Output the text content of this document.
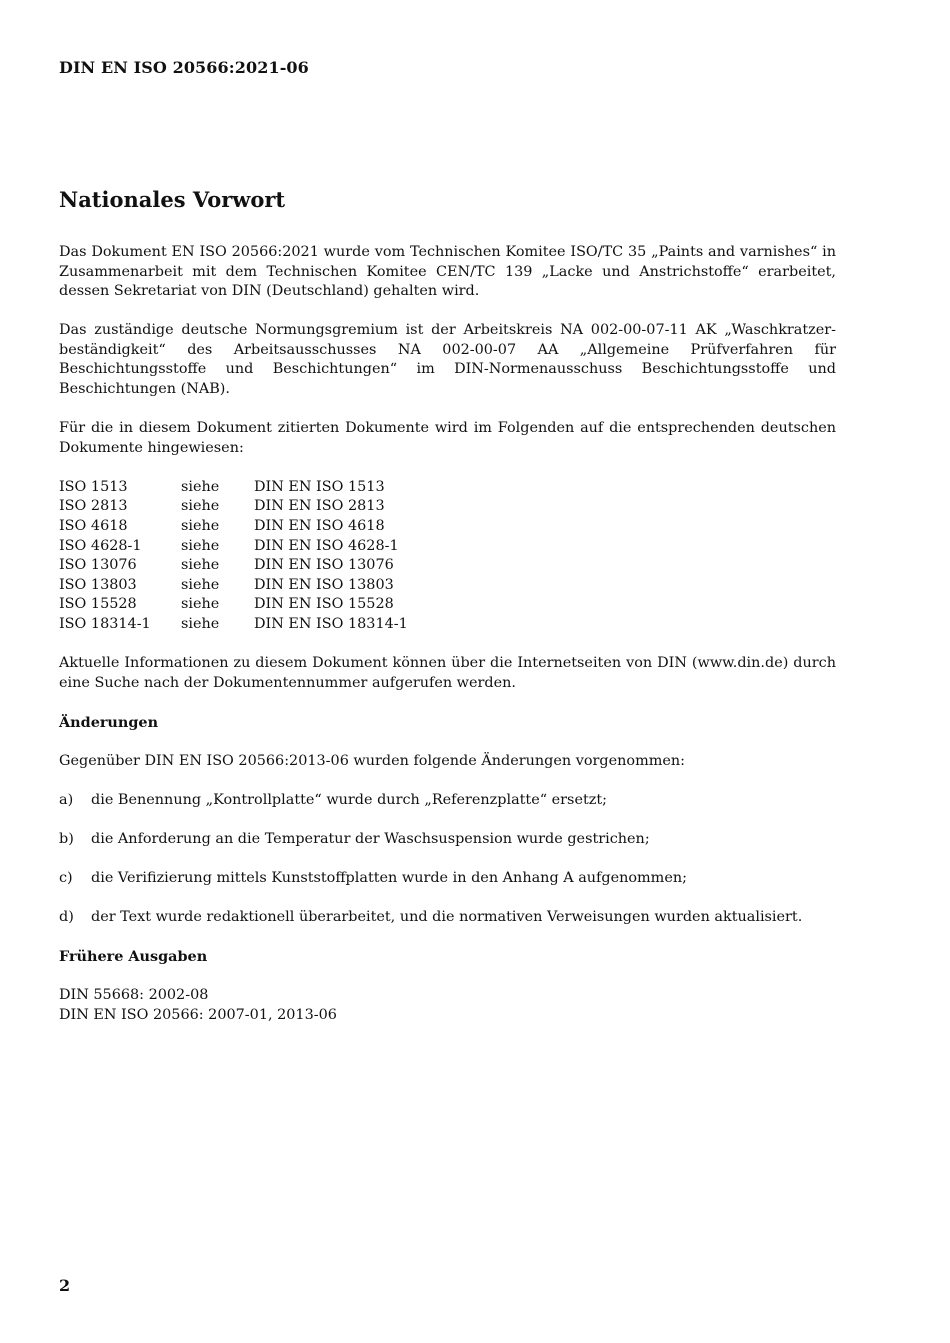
DIN EN ISO 20566:2021-06
Nationales Vorwort

Das Dokument EN ISO 20566:2021 wurde vom Technischen Komitee ISO/TC 35 „Paints and varnishes“ in Zusammenarbeit mit dem Technischen Komitee CEN/TC 139 „Lacke und Anstrichstoffe“ erarbeitet, dessen Sekretariat von DIN (Deutschland) gehalten wird.

Das zuständige deutsche Normungsgremium ist der Arbeitskreis NA 002-00-07-11 AK „Waschkratzer-beständigkeit“ des Arbeitsausschusses NA 002-00-07 AA „Allgemeine Prüfverfahren für Beschichtungsstoffe und Beschichtungen“ im DIN-Normenausschuss Beschichtungsstoffe und Beschichtungen (NAB).

Für die in diesem Dokument zitierten Dokumente wird im Folgenden auf die entsprechenden deutschen Dokumente hingewiesen:

ISO 1513	siehe	DIN EN ISO 1513
ISO 2813	siehe	DIN EN ISO 2813
ISO 4618	siehe	DIN EN ISO 4618
ISO 4628-1	siehe	DIN EN ISO 4628-1
ISO 13076	siehe	DIN EN ISO 13076
ISO 13803	siehe	DIN EN ISO 13803
ISO 15528	siehe	DIN EN ISO 15528
ISO 18314-1	siehe	DIN EN ISO 18314-1

Aktuelle Informationen zu diesem Dokument können über die Internetseiten von DIN (www.din.de) durch eine Suche nach der Dokumentennummer aufgerufen werden.

Änderungen

Gegenüber DIN EN ISO 20566:2013-06 wurden folgende Änderungen vorgenommen:

a)	die Benennung „Kontrollplatte“ wurde durch „Referenzplatte“ ersetzt;
b)	die Anforderung an die Temperatur der Waschsuspension wurde gestrichen;
c)	die Verifizierung mittels Kunststoffplatten wurde in den Anhang A aufgenommen;
d)	der Text wurde redaktionell überarbeitet, und die normativen Verweisungen wurden aktualisiert.
Frühere Ausgaben
DIN 55668: 2002-08
DIN EN ISO 20566: 2007-01, 2013-06
2
